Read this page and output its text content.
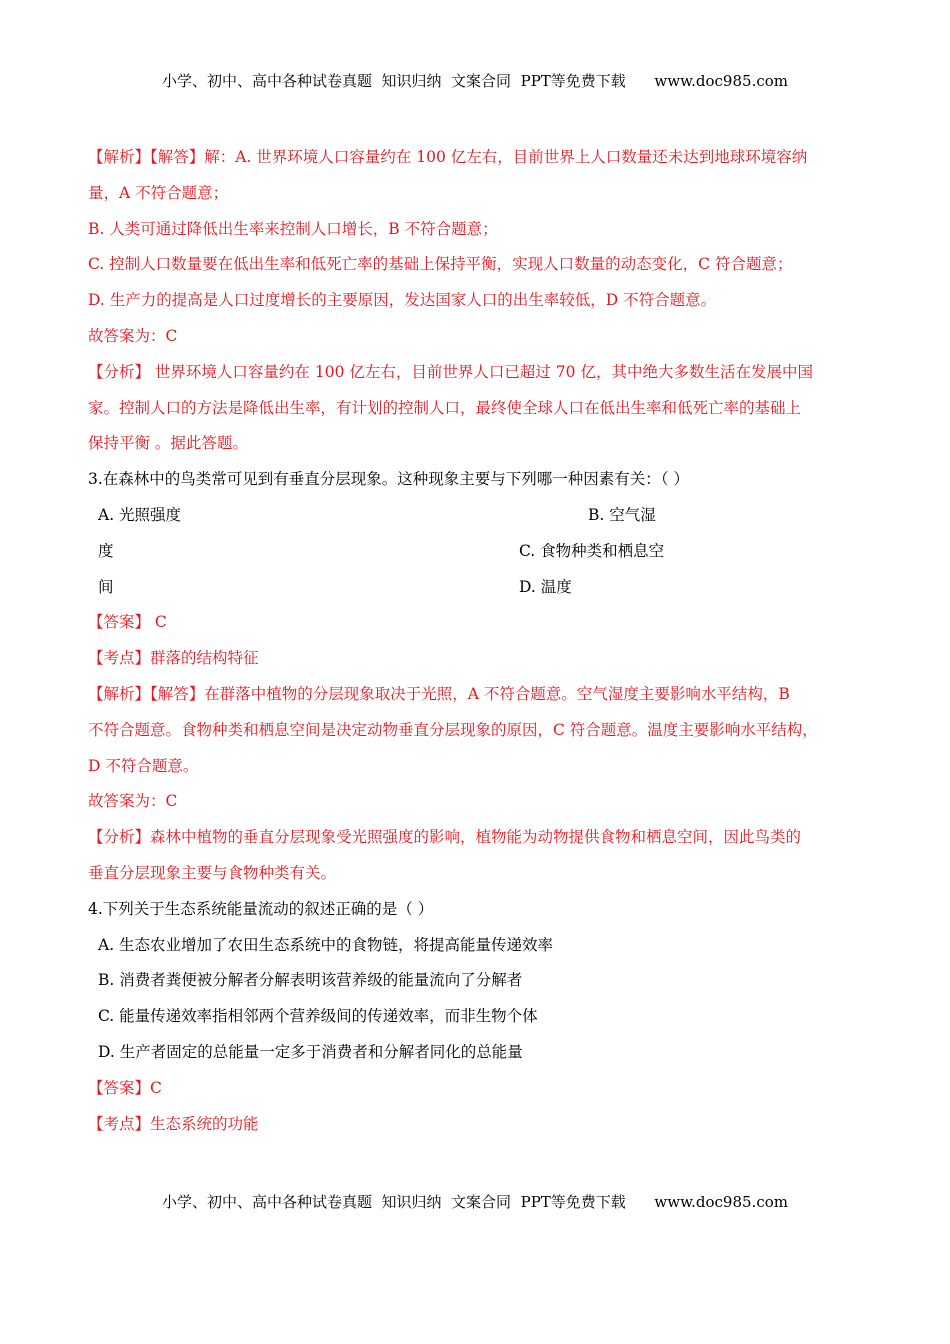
小学、初中、高中各种试卷真题  知识归纳  文案合同  PPT等免费下载      www.doc985.com
【解析】【解答】解：A. 世界环境人口容量约在 100 亿左右，目前世界上人口数量还未达到地球环境容纳
量，A 不符合题意；
B. 人类可通过降低出生率来控制人口增长，B 不符合题意；
C. 控制人口数量要在低出生率和低死亡率的基础上保持平衡，实现人口数量的动态变化，C 符合题意；
D. 生产力的提高是人口过度增长的主要原因，发达国家人口的出生率较低，D 不符合题意。
故答案为：C
【分析】 世界环境人口容量约在 100 亿左右，目前世界人口已超过 70 亿，其中绝大多数生活在发展中国
家。控制人口的方法是降低出生率，有计划的控制人口，最终使全球人口在低出生率和低死亡率的基础上
保持平衡 。据此答题。
3.在森林中的鸟类常可见到有垂直分层现象。这种现象主要与下列哪一种因素有关：（ ）
A. 光照强度	B. 空气湿
度	C. 食物种类和栖息空
间	D. 温度
【答案】 C
【考点】群落的结构特征
【解析】【解答】在群落中植物的分层现象取决于光照，A 不符合题意。空气湿度主要影响水平结构，B
不符合题意。食物种类和栖息空间是决定动物垂直分层现象的原因，C 符合题意。温度主要影响水平结构，
D 不符合题意。
故答案为：C
【分析】森林中植物的垂直分层现象受光照强度的影响，植物能为动物提供食物和栖息空间，因此鸟类的
垂直分层现象主要与食物种类有关。
4.下列关于生态系统能量流动的叙述正确的是（ ）
A. 生态农业增加了农田生态系统中的食物链，将提高能量传递效率
B. 消费者粪便被分解者分解表明该营养级的能量流向了分解者
C. 能量传递效率指相邻两个营养级间的传递效率，而非生物个体
D. 生产者固定的总能量一定多于消费者和分解者同化的总能量
【答案】C
【考点】生态系统的功能
小学、初中、高中各种试卷真题  知识归纳  文案合同  PPT等免费下载      www.doc985.com
